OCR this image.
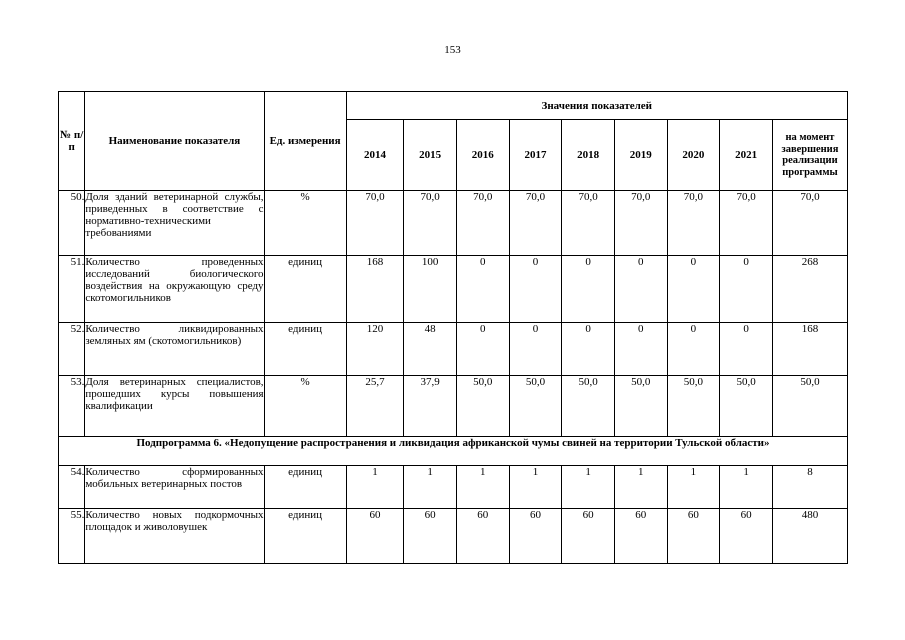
153
№ п/п	Наименование показателя	Ед. измерения	Значения показателей								
			2014	2015	2016	2017	2018	2019	2020	2021	на момент завершения реализации программы
50.	Доля зданий ветеринарной службы, приведенных в соответствие с нормативно-техническими требованиями	%	70,0	70,0	70,0	70,0	70,0	70,0	70,0	70,0	70,0
51.	Количество проведенных исследований биологического воздействия на окружающую среду скотомогильников	единиц	168	100	0	0	0	0	0	0	268
52.	Количество ликвидированных земляных ям (скотомогильников)	единиц	120	48	0	0	0	0	0	0	168
53.	Доля ветеринарных специалистов, прошедших курсы повышения квалификации	%	25,7	37,9	50,0	50,0	50,0	50,0	50,0	50,0	50,0
Подпрограмма 6. «Недопущение распространения и ликвидация африканской чумы свиней на территории Тульской области»											
54.	Количество сформированных мобильных ветеринарных постов	единиц	1	1	1	1	1	1	1	1	8
55.	Количество новых подкормочных площадок и живоловушек	единиц	60	60	60	60	60	60	60	60	480
